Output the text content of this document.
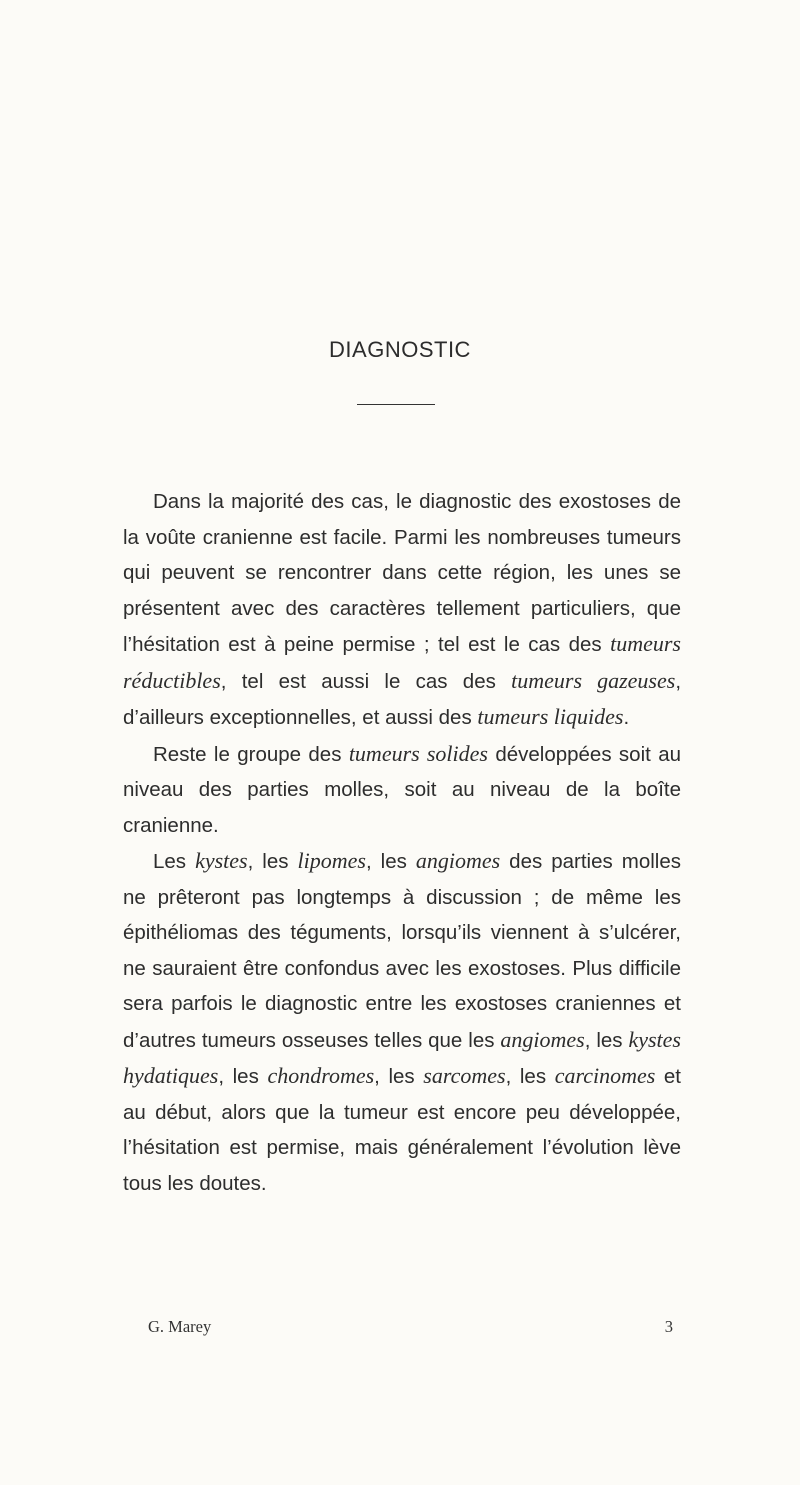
DIAGNOSTIC

Dans la majorité des cas, le diagnostic des exostoses de la voûte cranienne est facile. Parmi les nombreuses tumeurs qui peuvent se rencontrer dans cette région, les unes se présentent avec des caractères tellement particuliers, que l’hésitation est à peine permise ; tel est le cas des tumeurs réductibles, tel est aussi le cas des tumeurs gazeuses, d’ailleurs exceptionnelles, et aussi des tumeurs liquides.

Reste le groupe des tumeurs solides développées soit au niveau des parties molles, soit au niveau de la boîte cranienne.

Les kystes, les lipomes, les angiomes des parties molles ne prêteront pas longtemps à discussion ; de même les épithéliomas des téguments, lorsqu’ils viennent à s’ulcérer, ne sauraient être confondus avec les exostoses. Plus difficile sera parfois le diagnostic entre les exostoses craniennes et d’autres tumeurs osseuses telles que les angiomes, les kystes hydatiques, les chondromes, les sarcomes, les carcinomes et au début, alors que la tumeur est encore peu développée, l’hésitation est permise, mais généralement l’évolution lève tous les doutes.

G. Marey	3
